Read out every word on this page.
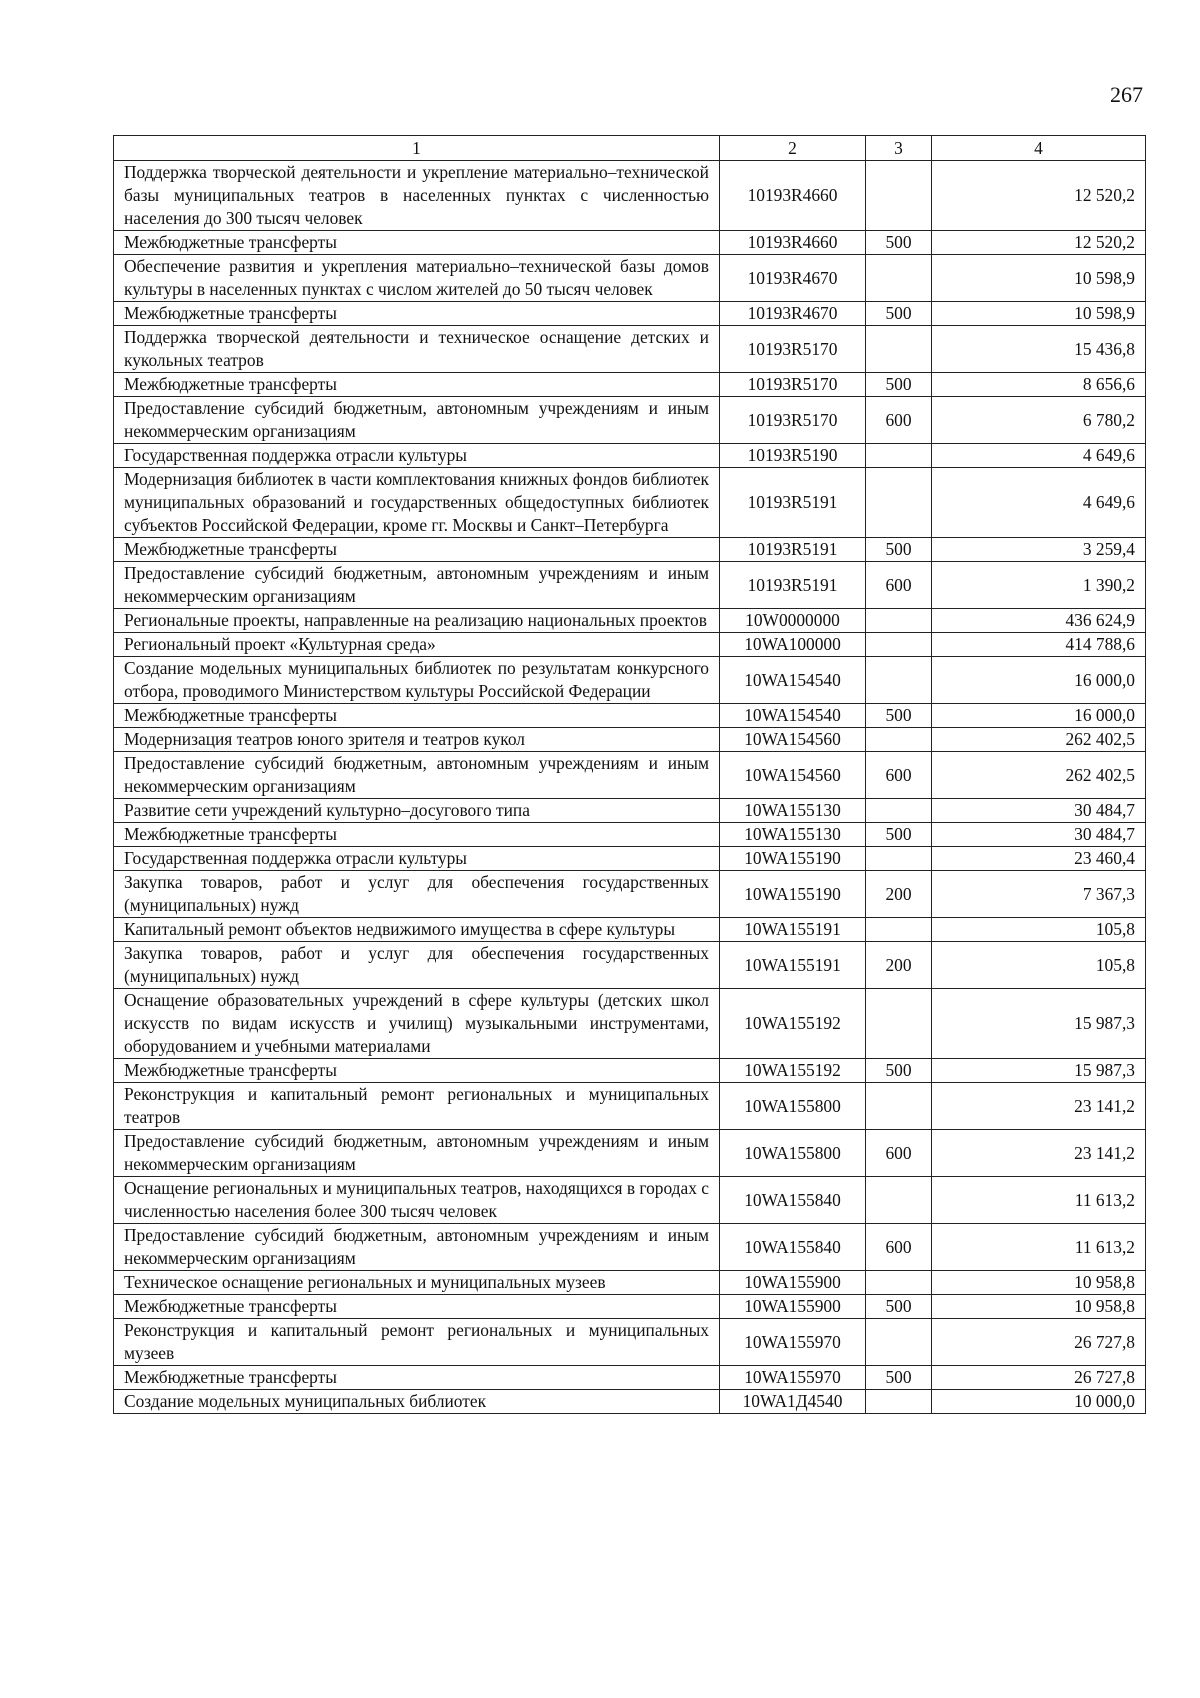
267
1	2	3	4
Поддержка творческой деятельности и укрепление материально–технической базы муниципальных театров в населенных пунктах с численностью населения до 300 тысяч человек	10193R4660		12 520,2
Межбюджетные трансферты	10193R4660	500	12 520,2
Обеспечение развития и укрепления материально–технической базы домов культуры в населенных пунктах с числом жителей до 50 тысяч человек	10193R4670		10 598,9
Межбюджетные трансферты	10193R4670	500	10 598,9
Поддержка творческой деятельности и техническое оснащение детских и кукольных театров	10193R5170		15 436,8
Межбюджетные трансферты	10193R5170	500	8 656,6
Предоставление субсидий бюджетным, автономным учреждениям и иным некоммерческим организациям	10193R5170	600	6 780,2
Государственная поддержка отрасли культуры	10193R5190		4 649,6
Модернизация библиотек в части комплектования книжных фондов библиотек муниципальных образований и государственных общедоступных библиотек субъектов Российской Федерации, кроме гг. Москвы и Санкт–Петербурга	10193R5191		4 649,6
Межбюджетные трансферты	10193R5191	500	3 259,4
Предоставление субсидий бюджетным, автономным учреждениям и иным некоммерческим организациям	10193R5191	600	1 390,2
Региональные проекты, направленные на реализацию национальных проектов	10W0000000		436 624,9
Региональный проект «Культурная среда»	10WA100000		414 788,6
Создание модельных муниципальных библиотек по результатам конкурсного отбора, проводимого Министерством культуры Российской Федерации	10WA154540		16 000,0
Межбюджетные трансферты	10WA154540	500	16 000,0
Модернизация театров юного зрителя и театров кукол	10WA154560		262 402,5
Предоставление субсидий бюджетным, автономным учреждениям и иным некоммерческим организациям	10WA154560	600	262 402,5
Развитие сети учреждений культурно–досугового типа	10WA155130		30 484,7
Межбюджетные трансферты	10WA155130	500	30 484,7
Государственная поддержка отрасли культуры	10WA155190		23 460,4
Закупка товаров, работ и услуг для обеспечения государственных (муниципальных) нужд	10WA155190	200	7 367,3
Капитальный ремонт объектов недвижимого имущества в сфере культуры	10WA155191		105,8
Закупка товаров, работ и услуг для обеспечения государственных (муниципальных) нужд	10WA155191	200	105,8
Оснащение образовательных учреждений в сфере культуры (детских школ искусств по видам искусств и училищ) музыкальными инструментами, оборудованием и учебными материалами	10WA155192		15 987,3
Межбюджетные трансферты	10WA155192	500	15 987,3
Реконструкция и капитальный ремонт региональных и муниципальных театров	10WA155800		23 141,2
Предоставление субсидий бюджетным, автономным учреждениям и иным некоммерческим организациям	10WA155800	600	23 141,2
Оснащение региональных и муниципальных театров, находящихся в городах с численностью населения более 300 тысяч человек	10WA155840		11 613,2
Предоставление субсидий бюджетным, автономным учреждениям и иным некоммерческим организациям	10WA155840	600	11 613,2
Техническое оснащение региональных и муниципальных музеев	10WA155900		10 958,8
Межбюджетные трансферты	10WA155900	500	10 958,8
Реконструкция и капитальный ремонт региональных и муниципальных музеев	10WA155970		26 727,8
Межбюджетные трансферты	10WA155970	500	26 727,8
Создание модельных муниципальных библиотек	10WA1Д4540		10 000,0
